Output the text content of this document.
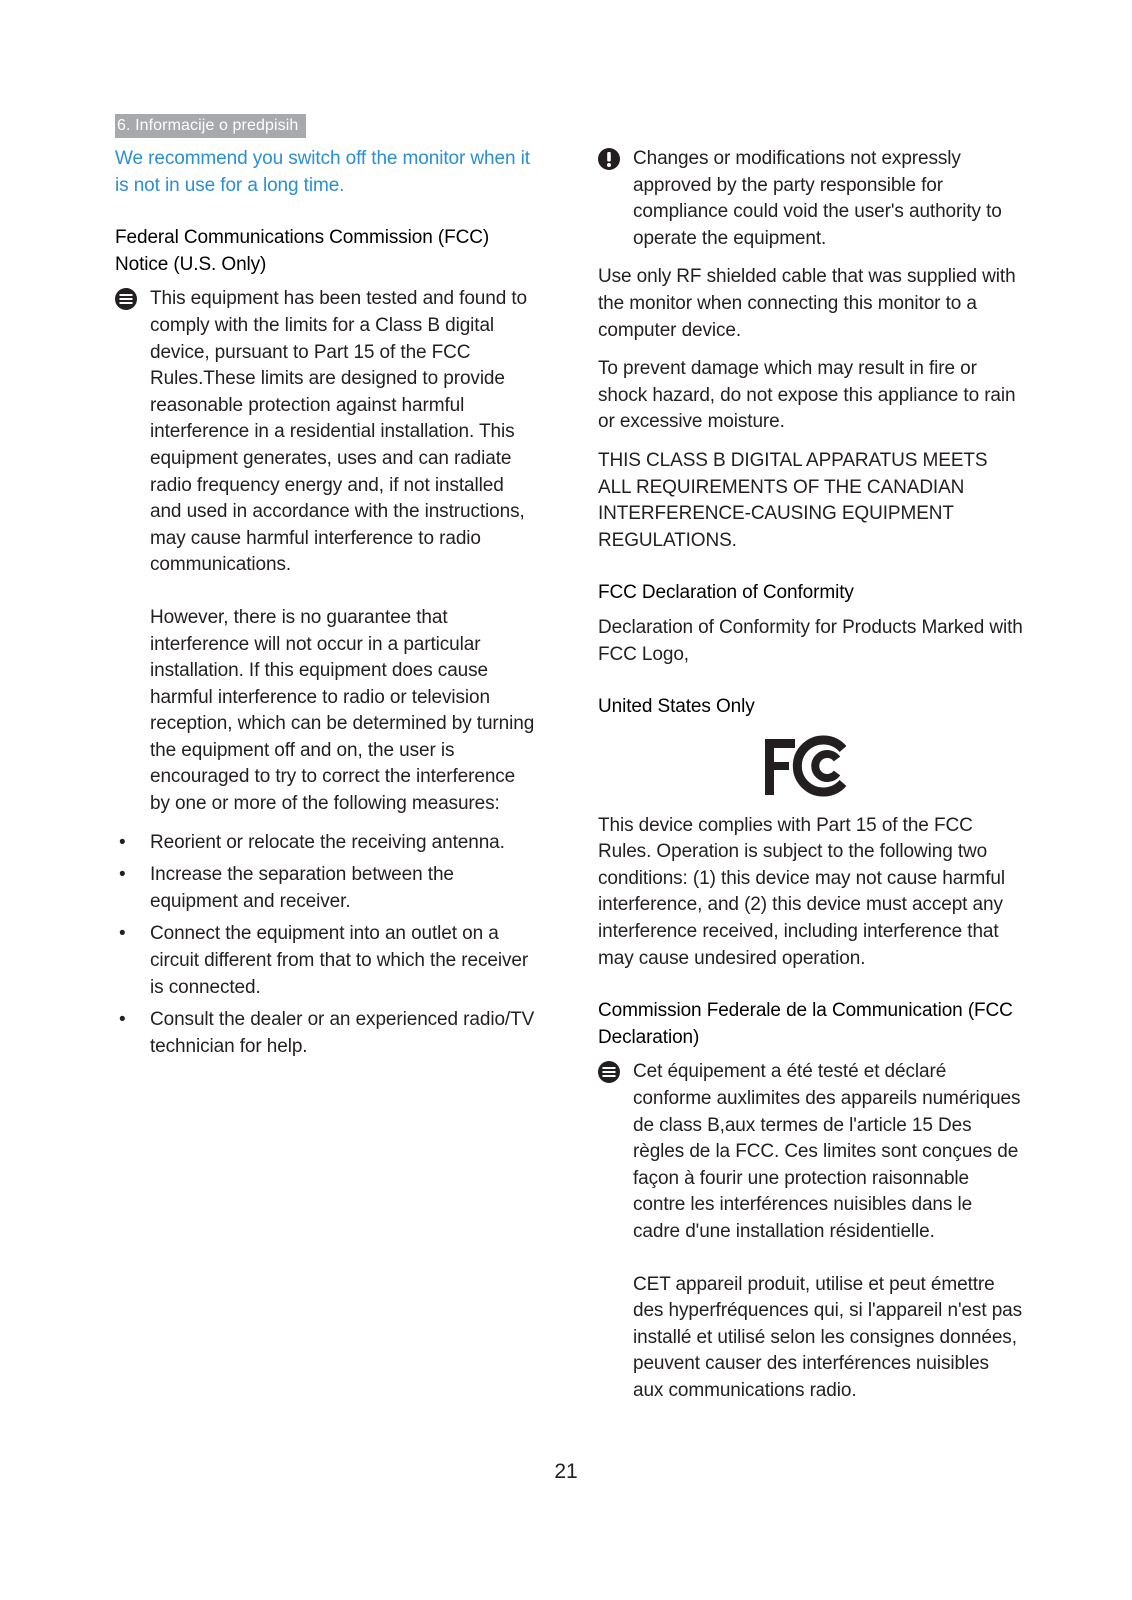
6. Informacije o predpisih

We recommend you switch off the monitor when it is not in use for a long time.

Federal Communications Commission (FCC) Notice (U.S. Only)

This equipment has been tested and found to comply with the limits for a Class B digital device, pursuant to Part 15 of the FCC Rules.These limits are designed to provide reasonable protection against harmful interference in a residential installation. This equipment generates, uses and can radiate radio frequency energy and, if not installed and used in accordance with the instructions, may cause harmful interference to radio communications.

However, there is no guarantee that interference will not occur in a particular installation. If this equipment does cause harmful interference to radio or television reception, which can be determined by turning the equipment off and on, the user is encouraged to try to correct the interference by one or more of the following measures:

• Reorient or relocate the receiving antenna.

• Increase the separation between the equipment and receiver.

• Connect the equipment into an outlet on a circuit different from that to which the receiver is connected.

• Consult the dealer or an experienced radio/TV technician for help.

Changes or modifications not expressly approved by the party responsible for compliance could void the user's authority to operate the equipment.

Use only RF shielded cable that was supplied with the monitor when connecting this monitor to a computer device.

To prevent damage which may result in fire or shock hazard, do not expose this appliance to rain or excessive moisture.

THIS CLASS B DIGITAL APPARATUS MEETS ALL REQUIREMENTS OF THE CANADIAN INTERFERENCE-CAUSING EQUIPMENT REGULATIONS.

FCC Declaration of Conformity

Declaration of Conformity for Products Marked with FCC Logo,

United States Only

This device complies with Part 15 of the FCC Rules. Operation is subject to the following two conditions: (1) this device may not cause harmful interference, and (2) this device must accept any interference received, including interference that may cause undesired operation.

Commission Federale de la Communication (FCC Declaration)

Cet équipement a été testé et déclaré conforme auxlimites des appareils numériques de class B,aux termes de l'article 15 Des règles de la FCC. Ces limites sont conçues de façon à fourir une protection raisonnable contre les interférences nuisibles dans le cadre d'une installation résidentielle.

CET appareil produit, utilise et peut émettre des hyperfréquences qui, si l'appareil n'est pas installé et utilisé selon les consignes données, peuvent causer des interférences nuisibles aux communications radio.

21
